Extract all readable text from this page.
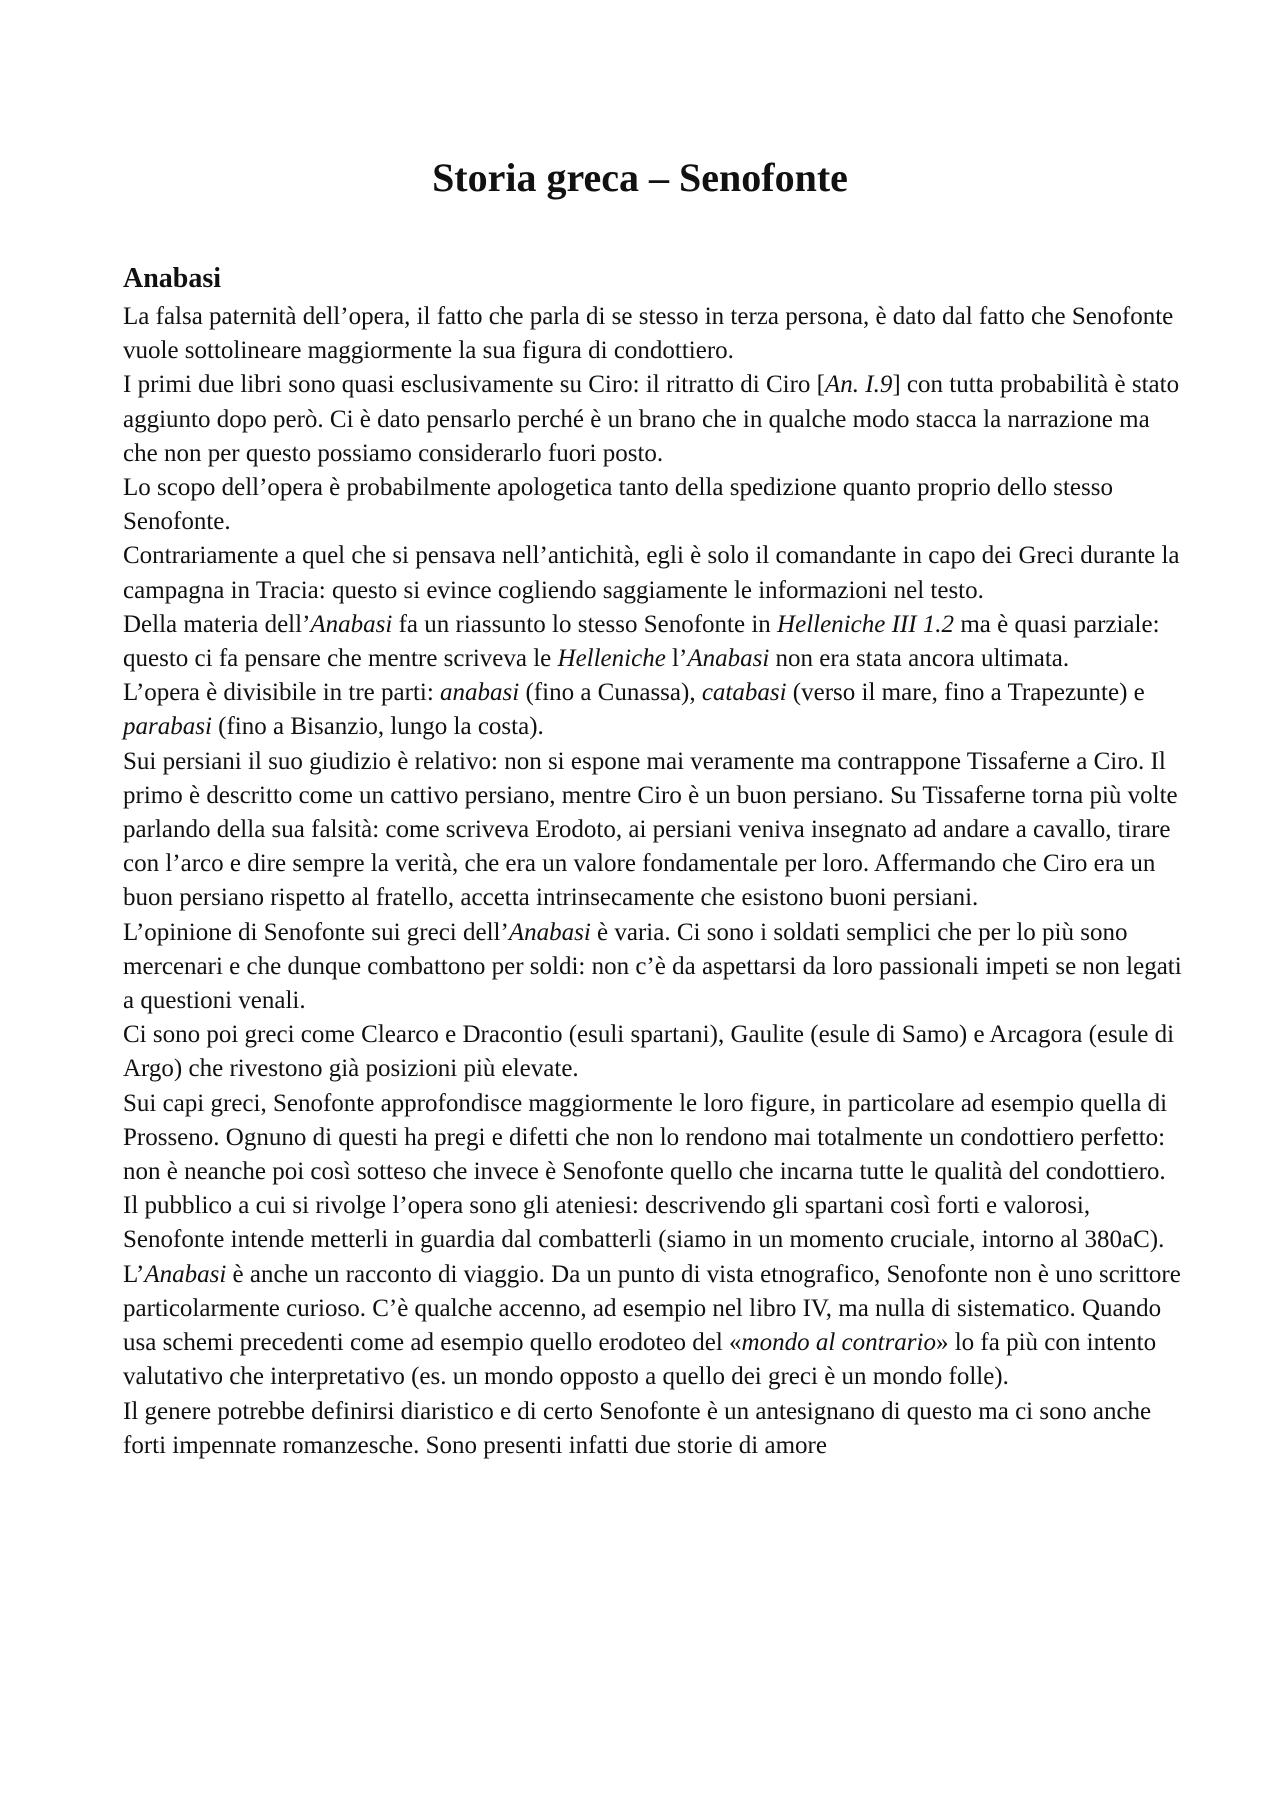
Storia greca – Senofonte
Anabasi

La falsa paternità dell’opera, il fatto che parla di se stesso in terza persona, è dato dal fatto che Senofonte vuole sottolineare maggiormente la sua figura di condottiero.

I primi due libri sono quasi esclusivamente su Ciro: il ritratto di Ciro [An. I.9] con tutta probabilità è stato aggiunto dopo però. Ci è dato pensarlo perché è un brano che in qualche modo stacca la narrazione ma che non per questo possiamo considerarlo fuori posto.

Lo scopo dell’opera è probabilmente apologetica tanto della spedizione quanto proprio dello stesso Senofonte.

Contrariamente a quel che si pensava nell’antichità, egli è solo il comandante in capo dei Greci durante la campagna in Tracia: questo si evince cogliendo saggiamente le informazioni nel testo.

Della materia dell’Anabasi fa un riassunto lo stesso Senofonte in Helleniche III 1.2 ma è quasi parziale: questo ci fa pensare che mentre scriveva le Helleniche l’Anabasi non era stata ancora ultimata.

L’opera è divisibile in tre parti: anabasi (fino a Cunassa), catabasi (verso il mare, fino a Trapezunte) e parabasi (fino a Bisanzio, lungo la costa).

Sui persiani il suo giudizio è relativo: non si espone mai veramente ma contrappone Tissaferne a Ciro. Il primo è descritto come un cattivo persiano, mentre Ciro è un buon persiano. Su Tissaferne torna più volte parlando della sua falsità: come scriveva Erodoto, ai persiani veniva insegnato ad andare a cavallo, tirare con l’arco e dire sempre la verità, che era un valore fondamentale per loro. Affermando che Ciro era un buon persiano rispetto al fratello, accetta intrinsecamente che esistono buoni persiani.

L’opinione di Senofonte sui greci dell’Anabasi è varia. Ci sono i soldati semplici che per lo più sono mercenari e che dunque combattono per soldi: non c’è da aspettarsi da loro passionali impeti se non legati a questioni venali.

Ci sono poi greci come Clearco e Dracontio (esuli spartani), Gaulite (esule di Samo) e Arcagora (esule di Argo) che rivestono già posizioni più elevate.

Sui capi greci, Senofonte approfondisce maggiormente le loro figure, in particolare ad esempio quella di Prosseno. Ognuno di questi ha pregi e difetti che non lo rendono mai totalmente un condottiero perfetto: non è neanche poi così sotteso che invece è Senofonte quello che incarna tutte le qualità del condottiero.

Il pubblico a cui si rivolge l’opera sono gli ateniesi: descrivendo gli spartani così forti e valorosi, Senofonte intende metterli in guardia dal combatterli (siamo in un momento cruciale, intorno al 380aC).

L’Anabasi è anche un racconto di viaggio. Da un punto di vista etnografico, Senofonte non è uno scrittore particolarmente curioso. C’è qualche accenno, ad esempio nel libro IV, ma nulla di sistematico. Quando usa schemi precedenti come ad esempio quello erodoteo del «mondo al contrario» lo fa più con intento valutativo che interpretativo (es. un mondo opposto a quello dei greci è un mondo folle).

Il genere potrebbe definirsi diaristico e di certo Senofonte è un antesignano di questo ma ci sono anche forti impennate romanzesche. Sono presenti infatti due storie di amore
